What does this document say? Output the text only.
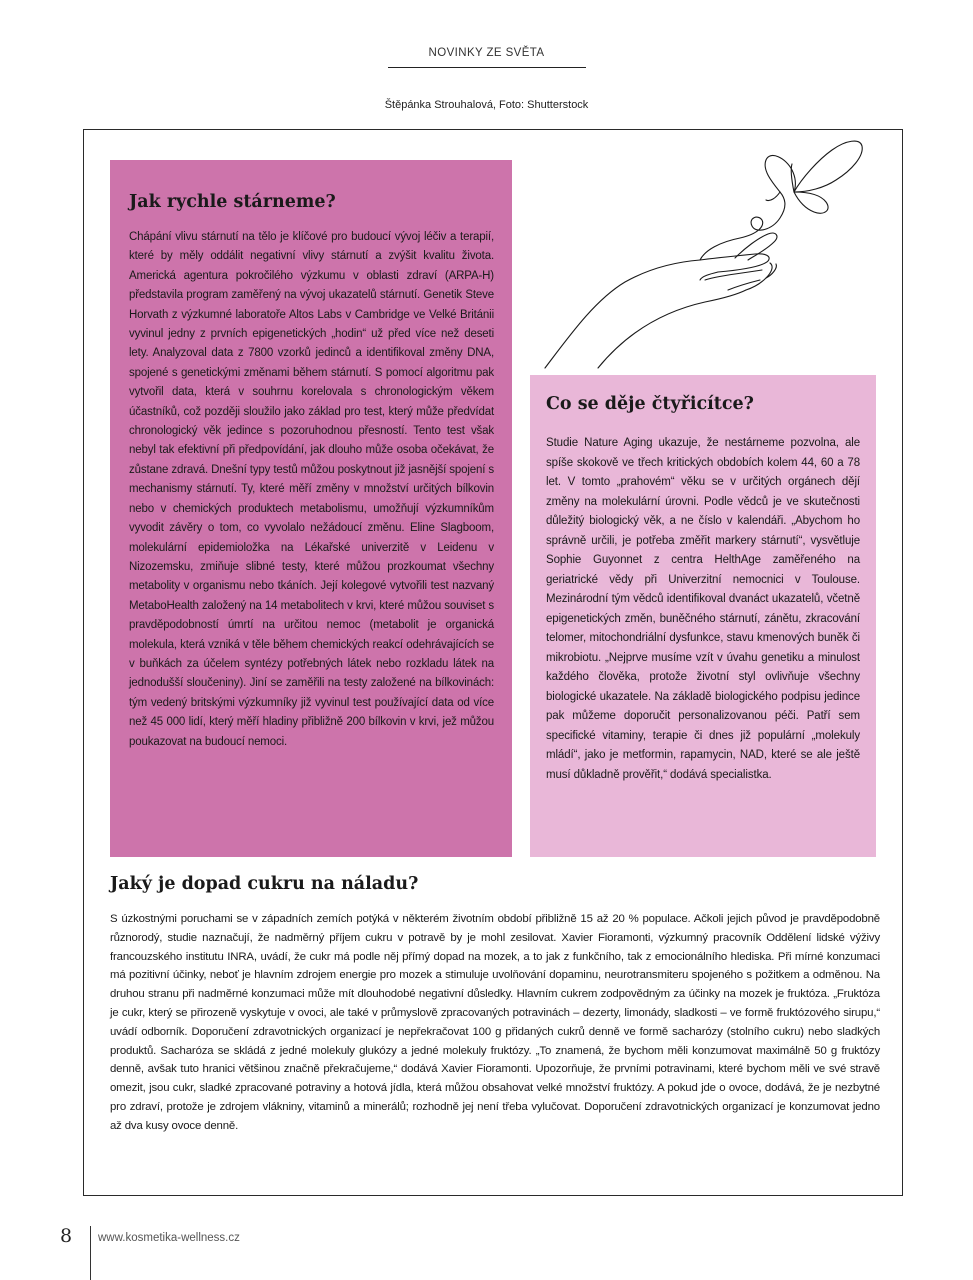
NOVINKY ZE SVĚTA
Štěpánka Strouhalová, Foto: Shutterstock
Jak rychle stárneme?

Chápání vlivu stárnutí na tělo je klíčové pro budoucí vývoj léčiv a terapií, které by měly oddálit negativní vlivy stárnutí a zvýšit kvalitu života. Americká agentura pokročilého výzkumu v oblasti zdraví (ARPA-H) představila program zaměřený na vývoj ukazatelů stárnutí. Genetik Steve Horvath z výzkumné laboratoře Altos Labs v Cambridge ve Velké Británii vyvinul jedny z prvních epigenetických „hodin“ už před více než deseti lety. Analyzoval data z 7800 vzorků jedinců a identifikoval změny DNA, spojené s genetickými změnami během stárnutí. S pomocí algoritmu pak vytvořil data, která v souhrnu korelovala s chronologickým věkem účastníků, což později sloužilo jako základ pro test, který může předvídat chronologický věk jedince s pozoruhodnou přesností. Tento test však nebyl tak efektivní při předpovídání, jak dlouho může osoba očekávat, že zůstane zdravá. Dnešní typy testů můžou poskytnout již jasnější spojení s mechanismy stárnutí. Ty, které měří změny v množství určitých bílkovin nebo v chemických produktech metabolismu, umožňují výzkumníkům vyvodit závěry o tom, co vyvolalo nežádoucí změnu. Eline Slagboom, molekulární epidemioložka na Lékařské univerzitě v Leidenu v Nizozemsku, zmiňuje slibné testy, které můžou prozkoumat všechny metabolity v organismu nebo tkáních. Její kolegové vytvořili test nazvaný MetaboHealth založený na 14 metabolitech v krvi, které můžou souviset s pravděpodobností úmrtí na určitou nemoc (metabolit je organická molekula, která vzniká v těle během chemických reakcí odehrávajících se v buňkách za účelem syntézy potřebných látek nebo rozkladu látek na jednodušší sloučeniny). Jiní se zaměřili na testy založené na bílkovinách: tým vedený britskými výzkumníky již vyvinul test používající data od více než 45 000 lidí, který měří hladiny přibližně 200 bílkovin v krvi, jež můžou poukazovat na budoucí nemoci.

Co se děje čtyřicítce?

Studie Nature Aging ukazuje, že nestárneme pozvolna, ale spíše skokově ve třech kritických obdobích kolem 44, 60 a 78 let. V tomto „prahovém“ věku se v určitých orgánech dějí změny na molekulární úrovni. Podle vědců je ve skutečnosti důležitý biologický věk, a ne číslo v kalendáři. „Abychom ho správně určili, je potřeba změřit markery stárnutí“, vysvětluje Sophie Guyonnet z centra HelthAge zaměřeného na geriatrické vědy při Univerzitní nemocnici v Toulouse. Mezinárodní tým vědců identifikoval dvanáct ukazatelů, včetně epigenetických změn, buněčného stárnutí, zánětu, zkracování telomer, mitochondriální dysfunkce, stavu kmenových buněk či mikrobiotu. „Nejprve musíme vzít v úvahu genetiku a minulost každého člověka, protože životní styl ovlivňuje všechny biologické ukazatele. Na základě biologického podpisu jedince pak můžeme doporučit personalizovanou péči. Patří sem specifické vitaminy, terapie či dnes již populární „molekuly mládí“, jako je metformin, rapamycin, NAD, které se ale ještě musí důkladně prověřit,“ dodává specialistka.

Jaký je dopad cukru na náladu?

S úzkostnými poruchami se v západních zemích potýká v některém životním období přibližně 15 až 20 % populace. Ačkoli jejich původ je pravděpodobně různorodý, studie naznačují, že nadměrný příjem cukru v potravě by je mohl zesilovat. Xavier Fioramonti, výzkumný pracovník Oddělení lidské výživy francouzského institutu INRA, uvádí, že cukr má podle něj přímý dopad na mozek, a to jak z funkčního, tak z emocionálního hlediska. Při mírné konzumaci má pozitivní účinky, neboť je hlavním zdrojem energie pro mozek a stimuluje uvolňování dopaminu, neurotransmiteru spojeného s požitkem a odměnou. Na druhou stranu při nadměrné konzumaci může mít dlouhodobé negativní důsledky. Hlavním cukrem zodpovědným za účinky na mozek je fruktóza. „Fruktóza je cukr, který se přirozeně vyskytuje v ovoci, ale také v průmyslově zpracovaných potravinách – dezerty, limonády, sladkosti – ve formě fruktózového sirupu,“ uvádí odborník. Doporučení zdravotnických organizací je nepřekračovat 100 g přidaných cukrů denně ve formě sacharózy (stolního cukru) nebo sladkých produktů. Sacharóza se skládá z jedné molekuly glukózy a jedné molekuly fruktózy. „To znamená, že bychom měli konzumovat maximálně 50 g fruktózy denně, avšak tuto hranici většinou značně překračujeme,“ dodává Xavier Fioramonti. Upozorňuje, že prvními potravinami, které bychom měli ve své stravě omezit, jsou cukr, sladké zpracované potraviny a hotová jídla, která můžou obsahovat velké množství fruktózy. A pokud jde o ovoce, dodává, že je nezbytné pro zdraví, protože je zdrojem vlákniny, vitaminů a minerálů; rozhodně jej není třeba vylučovat. Doporučení zdravotnických organizací je konzumovat jedno až dva kusy ovoce denně.

8 www.kosmetika-wellness.cz
